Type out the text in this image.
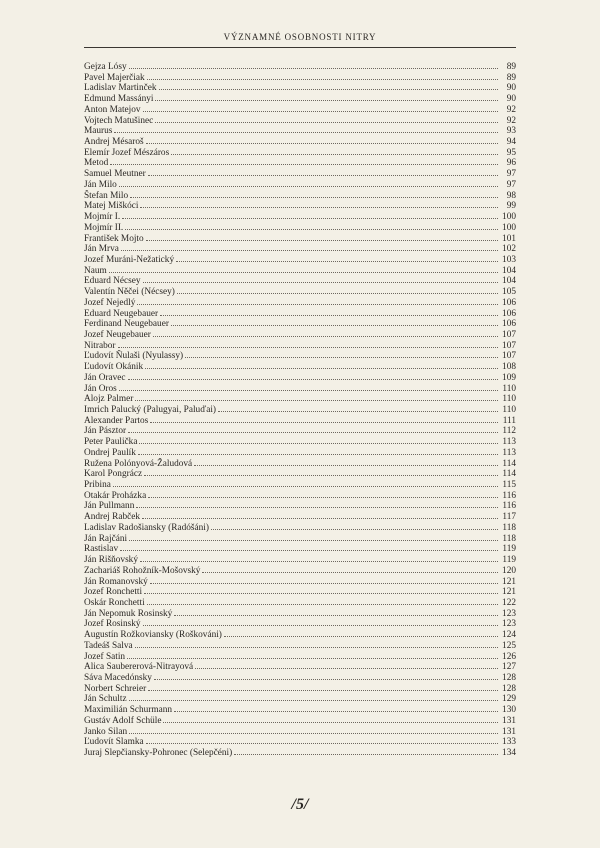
VÝZNAMNÉ OSOBNOSTI NITRY
Gejza Lósy	89
Pavel Majerčiak	89
Ladislav Martinček	90
Edmund Massányi	90
Anton Matejov	92
Vojtech Matušinec	92
Maurus	93
Andrej Mésaroš	94
Elemír Jozef Mészáros	95
Metod	96
Samuel Meutner	97
Ján Milo	97
Štefan Milo	98
Matej Miškóci	99
Mojmír I.	100
Mojmír II.	100
František Mojto	101
Ján Mrva	102
Jozef Muráni-Nežatický	103
Naum	104
Eduard Nécsey	104
Valentín Něčei (Nécsey)	105
Jozef Nejedlý	106
Eduard Neugebauer	106
Ferdinand Neugebauer	106
Jozef Neugebauer	107
Nitrabor	107
Ľudovít Ňulaši (Nyulassy)	107
Ľudovít Okánik	108
Ján Oravec	109
Ján Oros	110
Alojz Palmer	110
Imrich Palucký (Palugyai, Paluďai)	110
Alexander Partos	111
Ján Pásztor	112
Peter Paulička	113
Ondrej Paulík	113
Ružena Polónyová-Žaludová	114
Karol Pongrácz	114
Pribina	115
Otakár Proházka	116
Ján Pullmann	116
Andrej Rabček	117
Ladislav Radošiansky (Radóšáni)	118
Ján Rajčáni	118
Rastislav	119
Ján Rišňovský	119
Zachariáš Rohožník-Mošovský	120
Ján Romanovský	121
Jozef Ronchetti	121
Oskár Ronchetti	122
Ján Nepomuk Rosinský	123
Jozef Rosinský	123
Augustín Rožkoviansky (Roškováni)	124
Tadeáš Salva	125
Jozef Satin	126
Alica Saubererová-Nitrayová	127
Sáva Macedónsky	128
Norbert Schreier	128
Ján Schultz	129
Maximilián Schurmann	130
Gustáv Adolf Schüle	131
Janko Silan	131
Ľudovít Slamka	133
Juraj Slepčiansky-Pohronec (Selepčéni)	134
/5/
